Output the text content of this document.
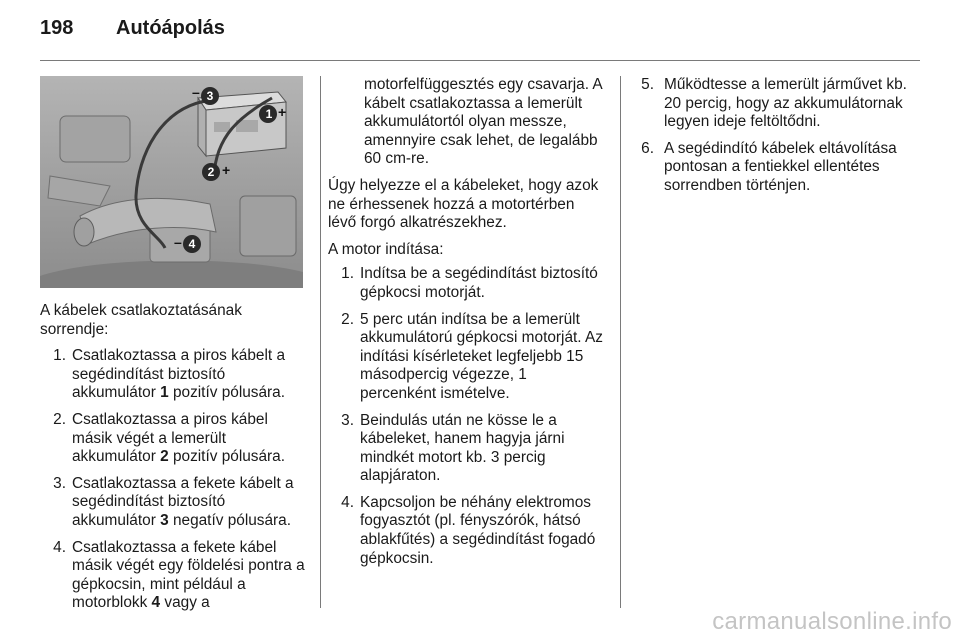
198 Autóápolás
1
2
3
4
+
+
–
–

A kábelek csatlakoztatásának sorrendje:

1. Csatlakoztassa a piros kábelt a segédindítást biztosító akkumulátor 1 pozitív pólusára.
2. Csatlakoztassa a piros kábel másik végét a lemerült akkumulátor 2 pozitív pólusára.
3. Csatlakoztassa a fekete kábelt a segédindítást biztosító akkumulátor 3 negatív pólusára.
4. Csatlakoztassa a fekete kábel másik végét egy földelési pontra a gépkocsin, mint például a motorblokk 4 vagy a

motorfelfüggesztés egy csavarja. A kábelt csatlakoztassa a lemerült akkumulátortól olyan messze, amennyire csak lehet, de legalább 60 cm-re.

Úgy helyezze el a kábeleket, hogy azok ne érhessenek hozzá a motortérben lévő forgó alkatrészekhez.

A motor indítása:

1. Indítsa be a segédindítást biztosító gépkocsi motorját.
2. 5 perc után indítsa be a lemerült akkumulátorú gépkocsi motorját. Az indítási kísérleteket legfeljebb 15 másodpercig végezze, 1 percenként ismételve.
3. Beindulás után ne kösse le a kábeleket, hanem hagyja járni mindkét motort kb. 3 percig alapjáraton.
4. Kapcsoljon be néhány elektromos fogyasztót (pl. fényszórók, hátsó ablakfűtés) a segédindítást fogadó gépkocsin.
5. Működtesse a lemerült járművet kb. 20 percig, hogy az akkumulátornak legyen ideje feltöltődni.
6. A segédindító kábelek eltávolítása pontosan a fentiekkel ellentétes sorrendben történjen.
carmanualsonline.info
